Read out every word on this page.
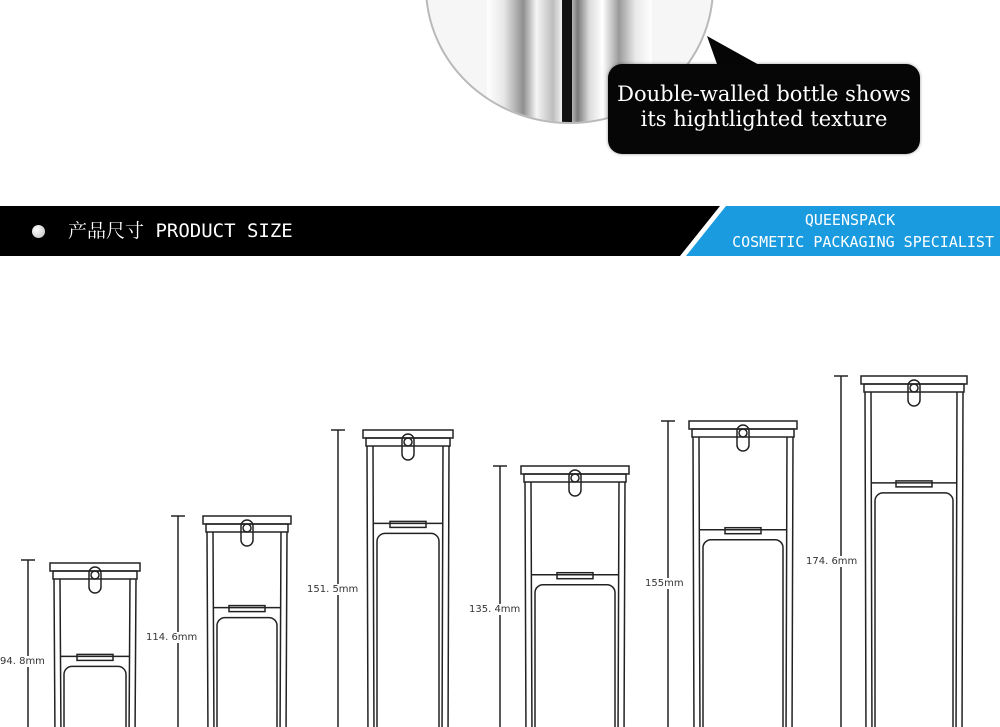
Double-walled bottle shows
its hightlighted texture
产品尺寸 PRODUCT SIZE	QUEENSPACK
COSMETIC PACKAGING SPECIALIST
94. 8mm
114. 6mm
151. 5mm
135. 4mm
155mm
174. 6mm
